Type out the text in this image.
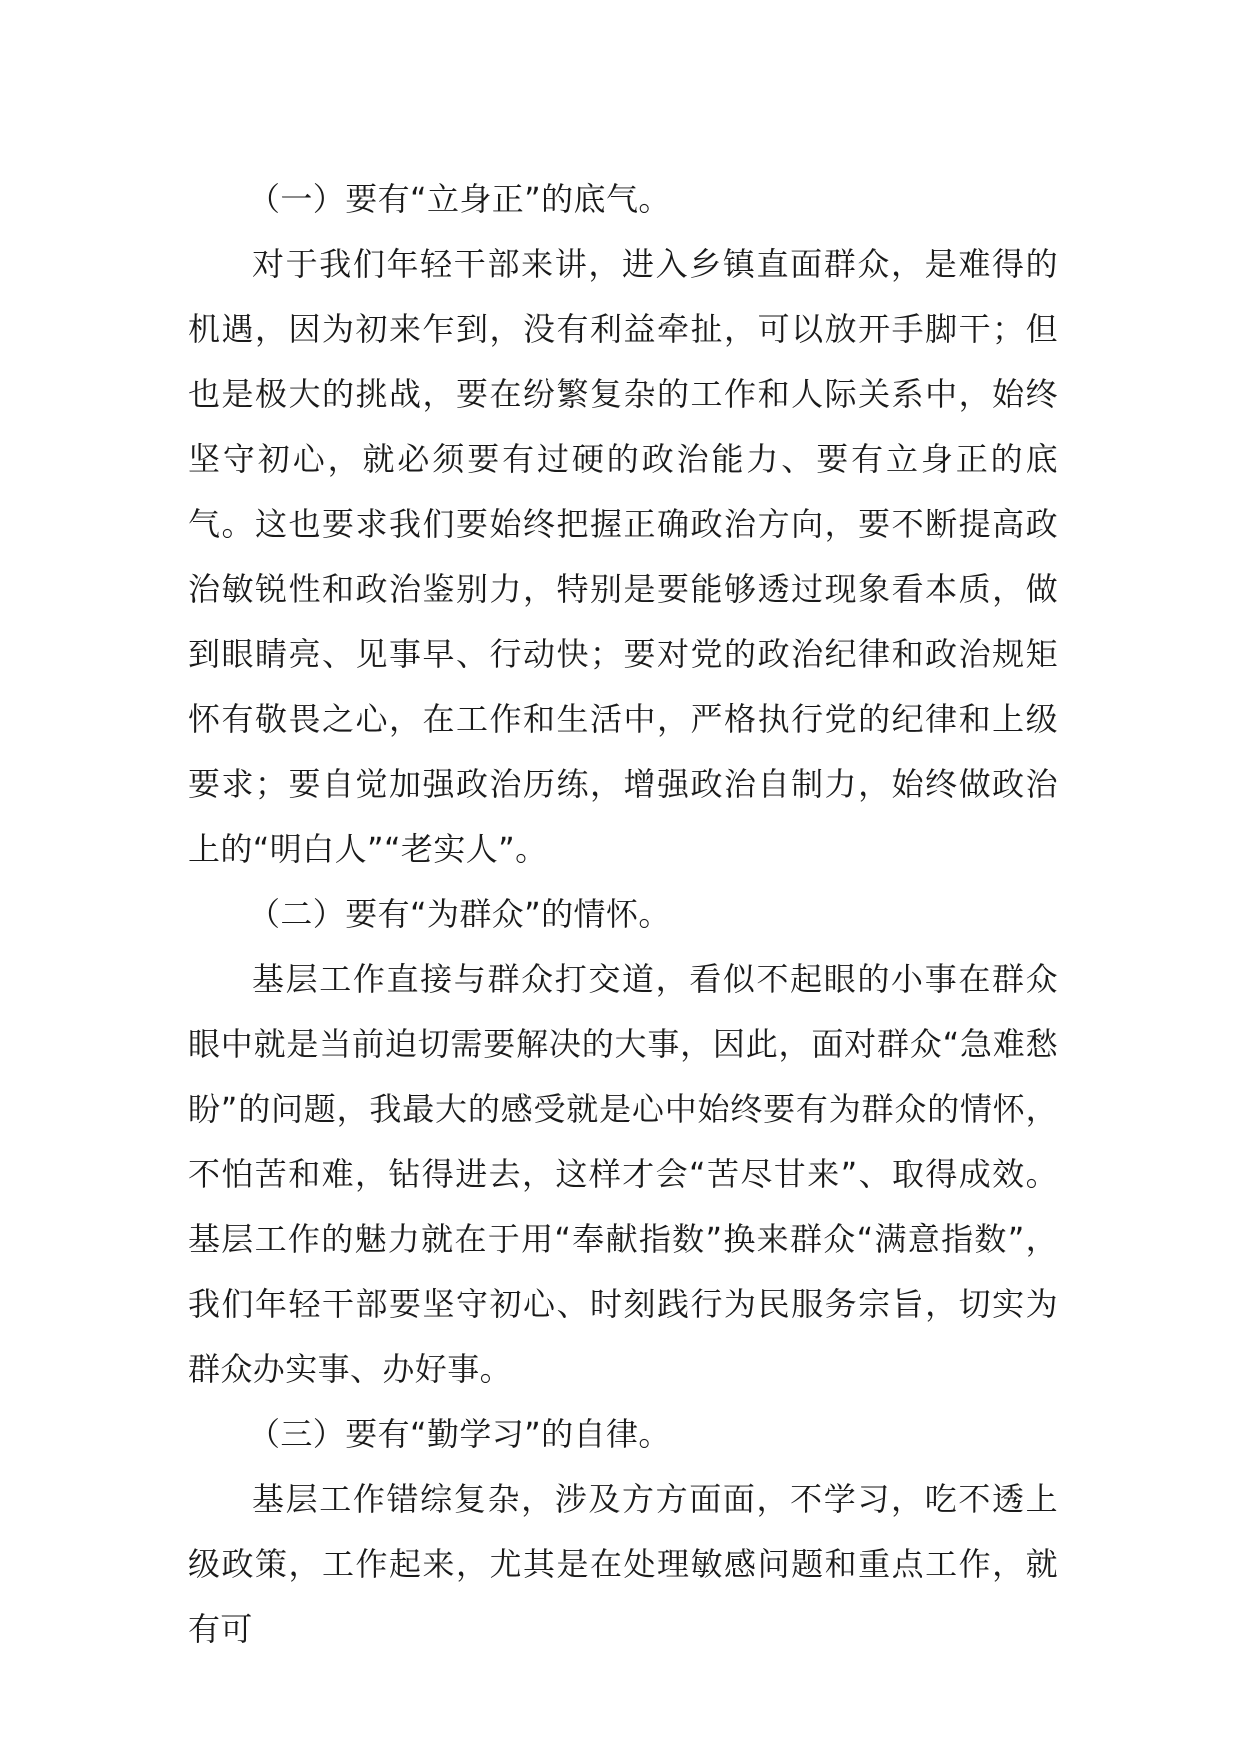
（一）要有“立身正”的底气。

对于我们年轻干部来讲，进入乡镇直面群众，是难得的机遇，因为初来乍到，没有利益牵扯，可以放开手脚干；但也是极大的挑战，要在纷繁复杂的工作和人际关系中，始终坚守初心，就必须要有过硬的政治能力、要有立身正的底气。这也要求我们要始终把握正确政治方向，要不断提高政治敏锐性和政治鉴别力，特别是要能够透过现象看本质，做到眼睛亮、见事早、行动快；要对党的政治纪律和政治规矩怀有敬畏之心，在工作和生活中，严格执行党的纪律和上级要求；要自觉加强政治历练，增强政治自制力，始终做政治上的“明白人”“老实人”。

（二）要有“为群众”的情怀。

基层工作直接与群众打交道，看似不起眼的小事在群众眼中就是当前迫切需要解决的大事，因此，面对群众“急难愁盼”的问题，我最大的感受就是心中始终要有为群众的情怀，不怕苦和难，钻得进去，这样才会“苦尽甘来”、取得成效。基层工作的魅力就在于用“奉献指数”换来群众“满意指数”，我们年轻干部要坚守初心、时刻践行为民服务宗旨，切实为群众办实事、办好事。

（三）要有“勤学习”的自律。

基层工作错综复杂，涉及方方面面，不学习，吃不透上级政策，工作起来，尤其是在处理敏感问题和重点工作，就有可
